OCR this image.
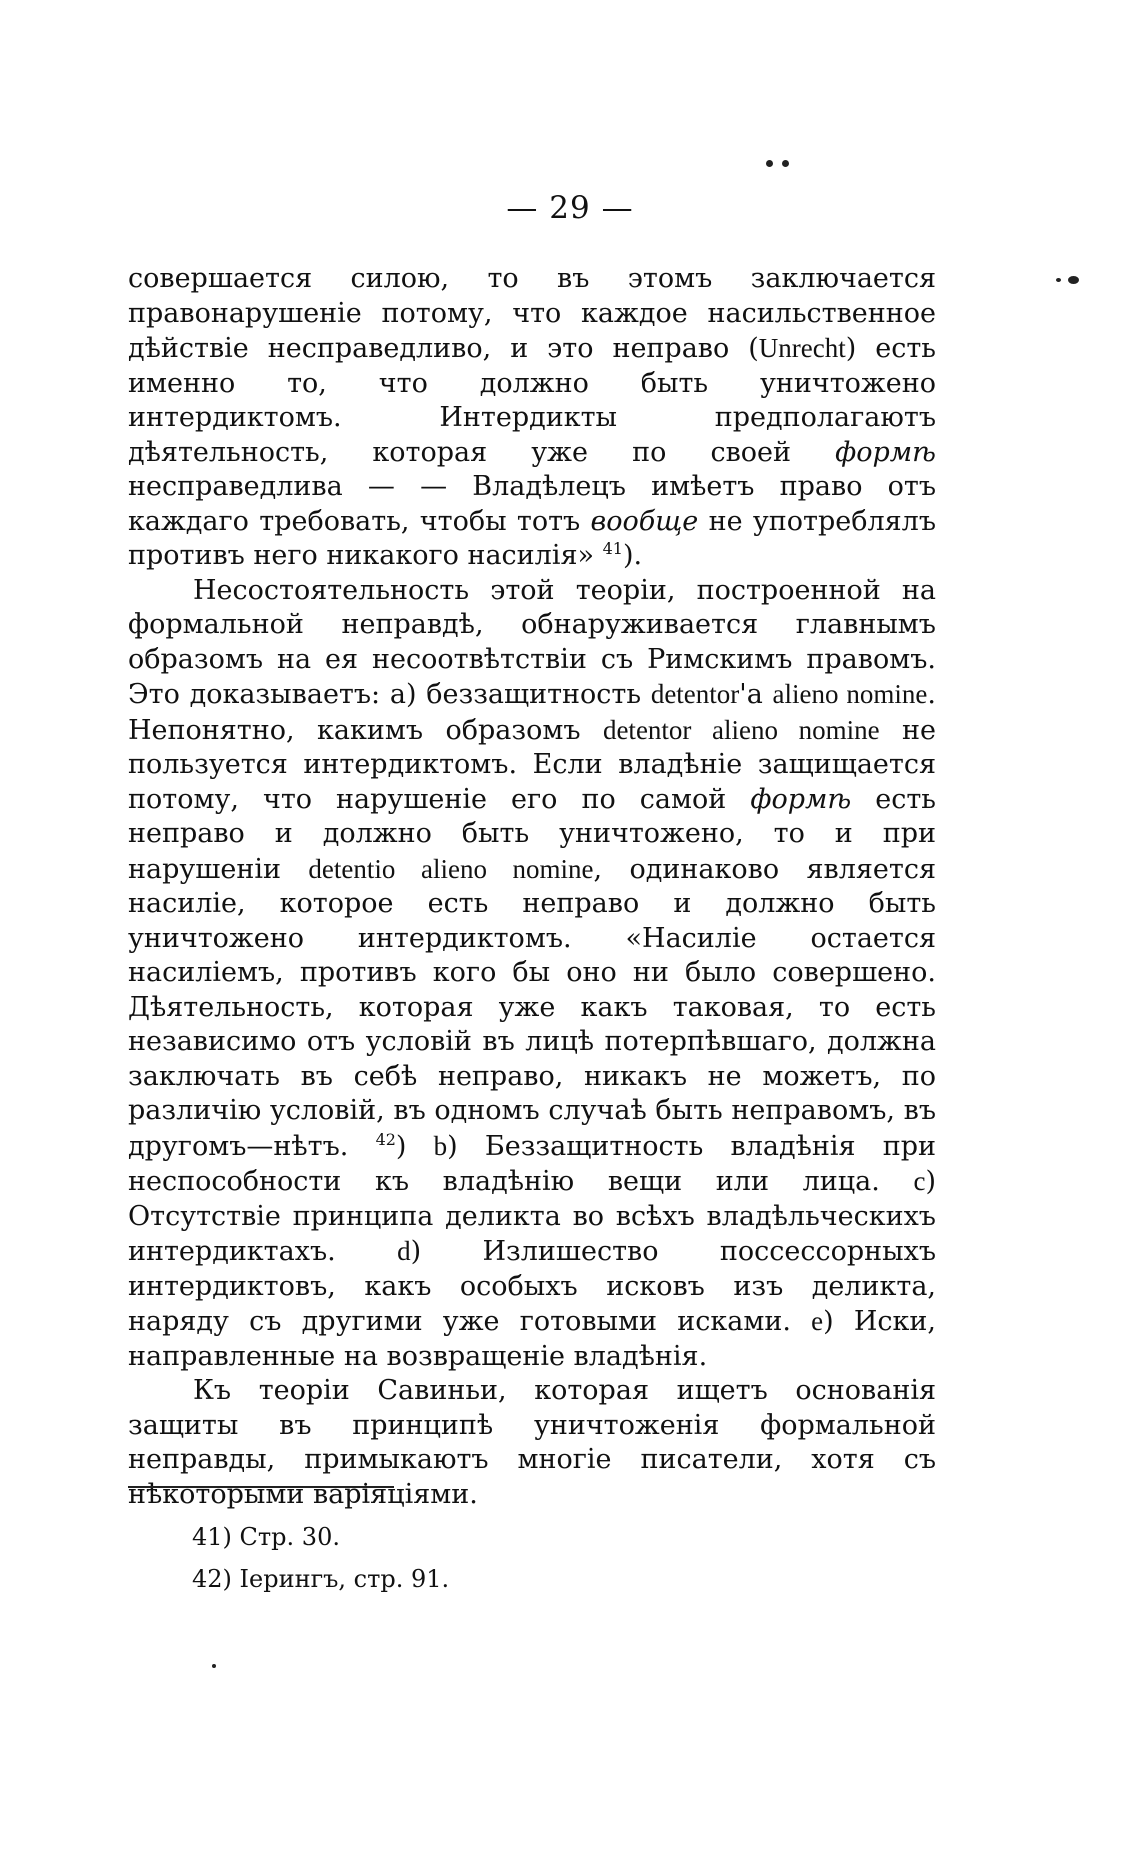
— 29 —

совершается силою, то въ этомъ заключается правонарушеніе потому, что каждое насильственное дѣйствіе несправедливо, и это неправо (Unrecht) есть именно то, что должно быть уничтожено интердиктомъ. Интердикты предполагаютъ дѣятельность, которая уже по своей формѣ несправедлива — — Владѣлецъ имѣетъ право отъ каждаго требовать, чтобы тотъ вообще не употреблялъ противъ него никакого насилія» $^{41}$).

Несостоятельность этой теоріи, построенной на формальной неправдѣ, обнаруживается главнымъ образомъ на ея несоотвѣтствіи съ Римскимъ правомъ. Это доказываетъ: a) беззащитность detentor'а alieno nomine. Непонятно, какимъ образомъ detentor alieno nomine не пользуется интердиктомъ. Если владѣніе защищается потому, что нарушеніе его по самой формѣ есть неправо и должно быть уничтожено, то и при нарушеніи detentio alieno nomine, одинаково является насиліе, которое есть неправо и должно быть уничтожено интердиктомъ. «Насиліе остается насиліемъ, противъ кого бы оно ни было совершено. Дѣятельность, которая уже какъ таковая, то есть независимо отъ условій въ лицѣ потерпѣвшаго, должна заключать въ себѣ неправо, никакъ не можетъ, по различію условій, въ одномъ случаѣ быть неправомъ, въ другомъ—нѣтъ. $^{42}$) b) Беззащитность владѣнія при неспособности къ владѣнію вещи или лица. c) Отсутствіе принципа деликта во всѣхъ владѣльческихъ интердиктахъ. d) Излишество поссессорныхъ интердиктовъ, какъ особыхъ исковъ изъ деликта, наряду съ другими уже готовыми исками. e) Иски, направленные на возвращеніе владѣнія.

Къ теоріи Савиньи, которая ищетъ основанія защиты въ принципѣ уничтоженія формальной неправды, примыкаютъ многіе писатели, хотя съ нѣкоторыми варіяціями.

41) Стр. 30.

42) Іерингъ, стр. 91.
